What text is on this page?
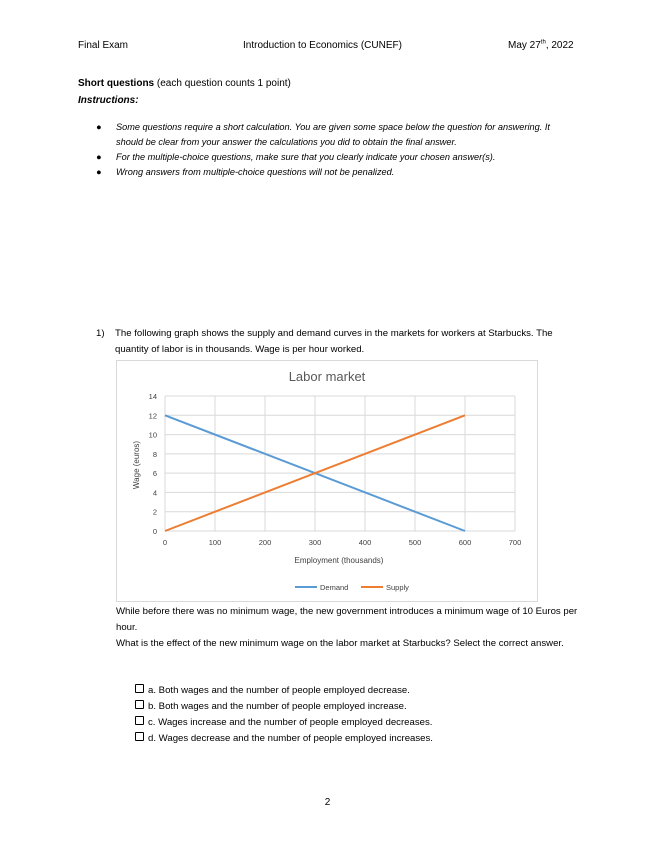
Final Exam	Introduction to Economics (CUNEF)	May 27th, 2022
Short questions (each question counts 1 point)
Instructions:
● Some questions require a short calculation. You are given some space below the question for answering. It should be clear from your answer the calculations you did to obtain the final answer.
● For the multiple-choice questions, make sure that you clearly indicate your chosen answer(s).
● Wrong answers from multiple-choice questions will not be penalized.
1) The following graph shows the supply and demand curves in the markets for workers at Starbucks. The quantity of labor is in thousands. Wage is per hour worked.
Labor market
0
2
4
6
8
10
12
14
0	100	200	300	400	500	600	700
Employment (thousands)
Wage (euros)
Demand	Supply
While before there was no minimum wage, the new government introduces a minimum wage of 10 Euros per hour.
What is the effect of the new minimum wage on the labor market at Starbucks? Select the correct answer.
a. Both wages and the number of people employed decrease.
b. Both wages and the number of people employed increase.
c. Wages increase and the number of people employed decreases.
d. Wages decrease and the number of people employed increases.
2
